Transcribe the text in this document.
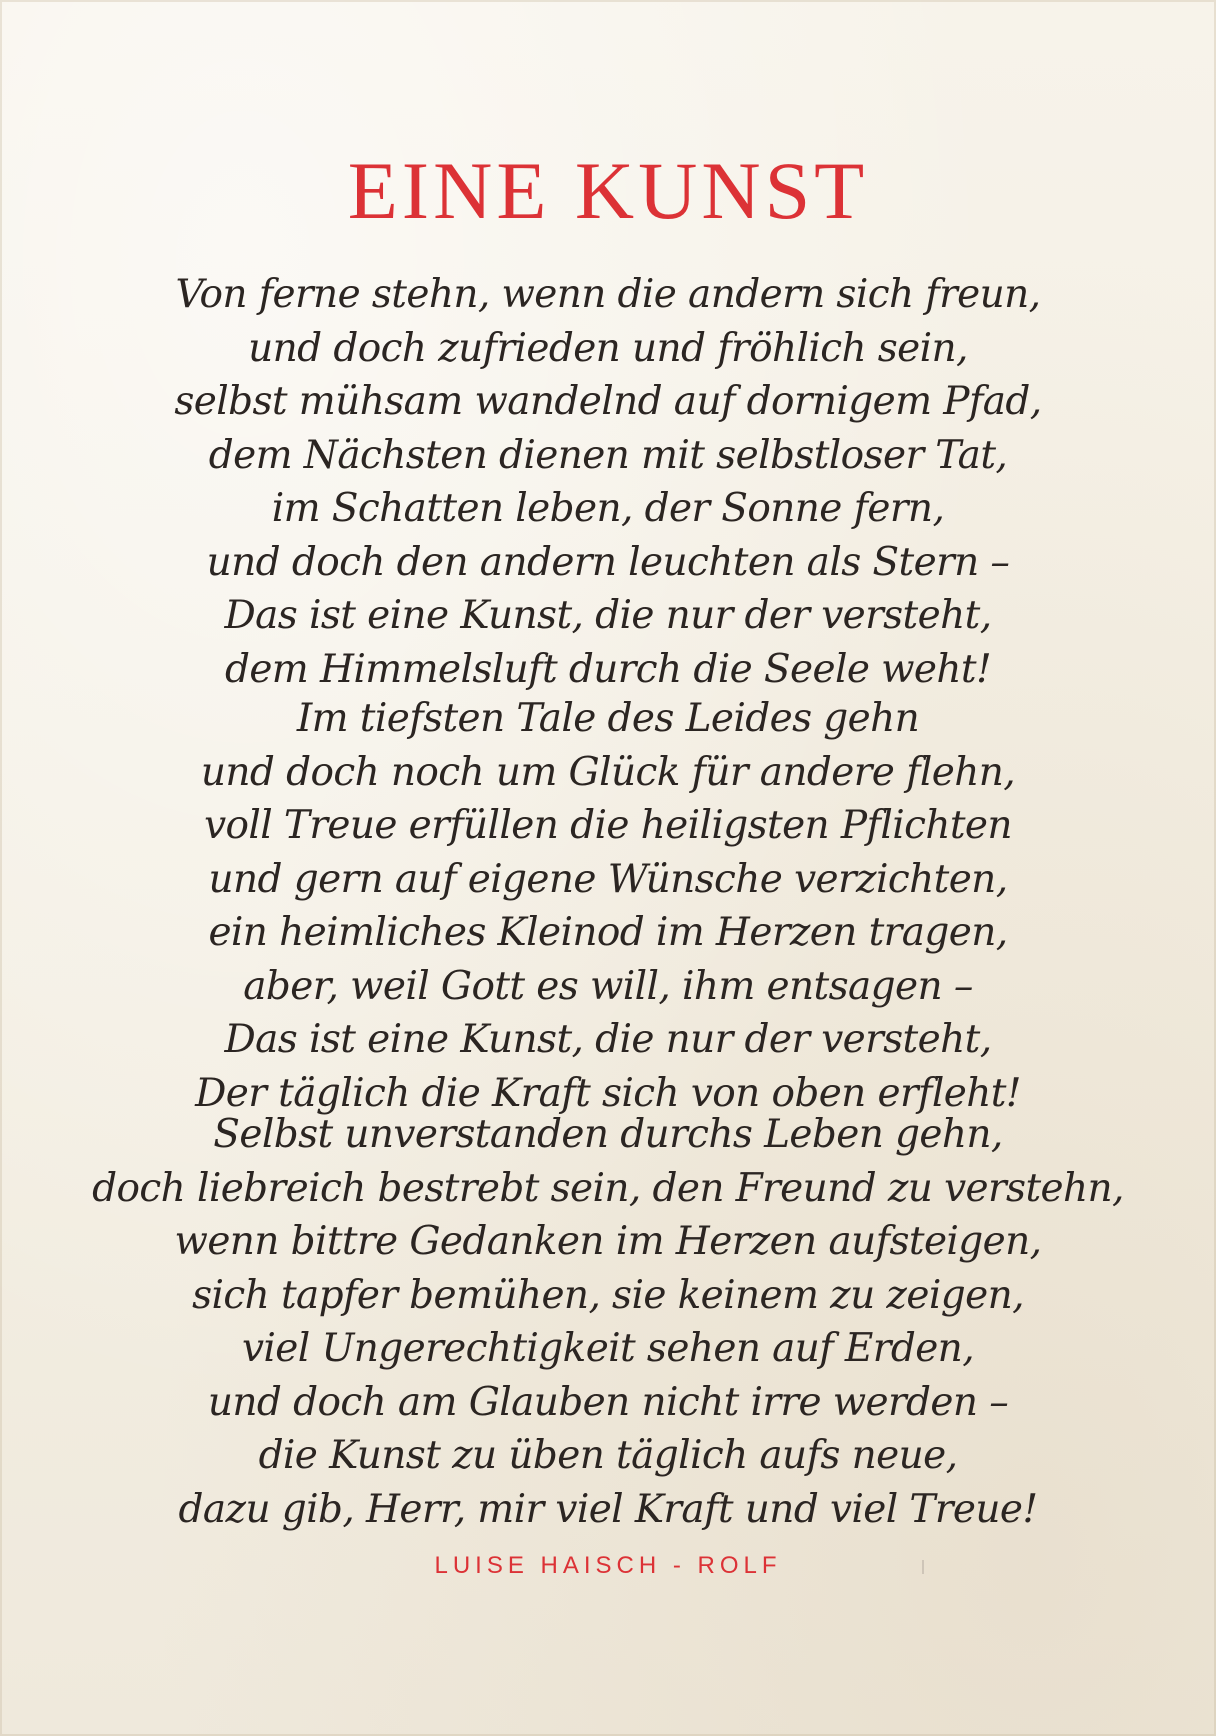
EINE KUNST

Von ferne stehn, wenn die andern sich freun,
und doch zufrieden und fröhlich sein,
selbst mühsam wandelnd auf dornigem Pfad,
dem Nächsten dienen mit selbstloser Tat,
im Schatten leben, der Sonne fern,
und doch den andern leuchten als Stern –
Das ist eine Kunst, die nur der versteht,
dem Himmelsluft durch die Seele weht!

Im tiefsten Tale des Leides gehn
und doch noch um Glück für andere flehn,
voll Treue erfüllen die heiligsten Pflichten
und gern auf eigene Wünsche verzichten,
ein heimliches Kleinod im Herzen tragen,
aber, weil Gott es will, ihm entsagen –
Das ist eine Kunst, die nur der versteht,
Der täglich die Kraft sich von oben erfleht!

Selbst unverstanden durchs Leben gehn,
doch liebreich bestrebt sein, den Freund zu verstehn,
wenn bittre Gedanken im Herzen aufsteigen,
sich tapfer bemühen, sie keinem zu zeigen,
viel Ungerechtigkeit sehen auf Erden,
und doch am Glauben nicht irre werden –
die Kunst zu üben täglich aufs neue,
dazu gib, Herr, mir viel Kraft und viel Treue!

LUISE HAISCH - ROLF
